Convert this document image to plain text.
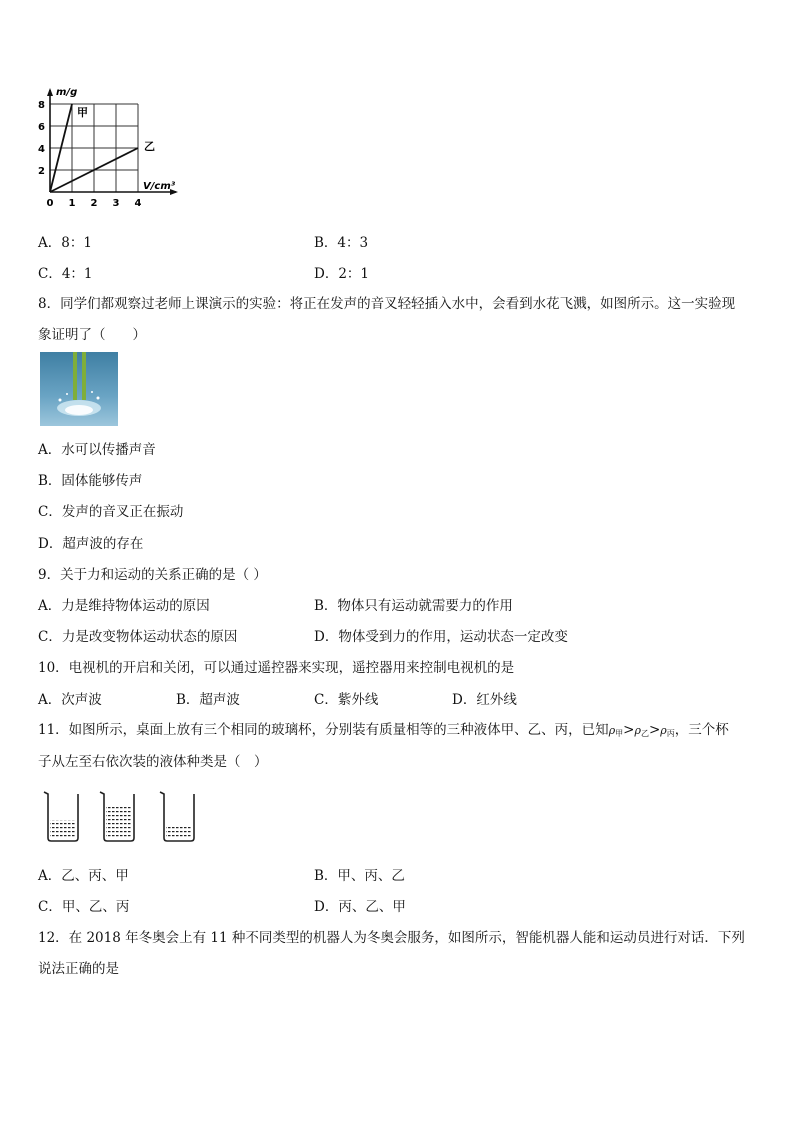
0 1 2 3 4
2
4
6
8
甲
乙
m/g
V/cm³
A．8：1	B．4：3
C．4：1	D．2：1
8．同学们都观察过老师上课演示的实验：将正在发声的音叉轻轻插入水中，会看到水花飞溅，如图所示。这一实验现
象证明了（　　）
A．水可以传播声音
B．固体能够传声
C．发声的音叉正在振动
D．超声波的存在
9．关于力和运动的关系正确的是（ ）
A．力是维持物体运动的原因	B．物体只有运动就需要力的作用
C．力是改变物体运动状态的原因	D．物体受到力的作用，运动状态一定改变
10．电视机的开启和关闭，可以通过遥控器来实现，遥控器用来控制电视机的是
A．次声波	B．超声波	C．紫外线	D．红外线
11．如图所示，桌面上放有三个相同的玻璃杯，分别装有质量相等的三种液体甲、乙、丙，已知$\rho_甲>\rho_乙>\rho_丙$，三个杯
子从左至右依次装的液体种类是（　）
A．乙、丙、甲	B．甲、丙、乙
C．甲、乙、丙	D．丙、乙、甲
12．在 2018 年冬奥会上有 11 种不同类型的机器人为冬奥会服务，如图所示，智能机器人能和运动员进行对话．下列
说法正确的是
